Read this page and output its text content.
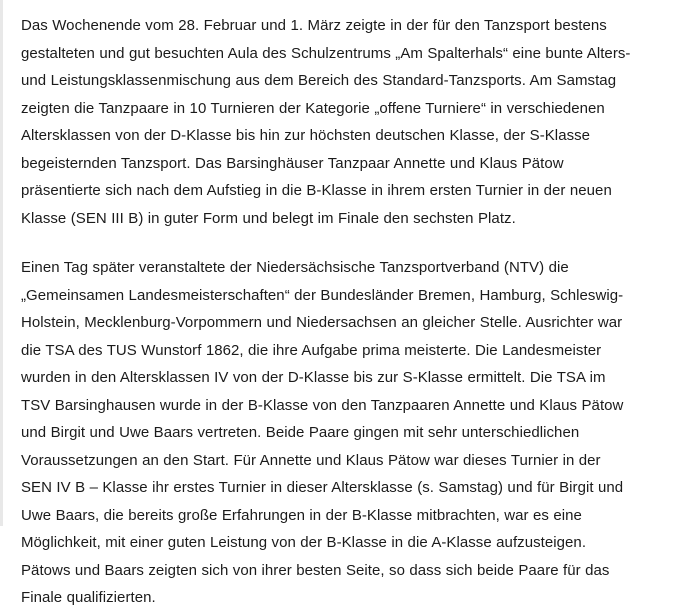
Das Wochenende vom 28. Februar und 1. März zeigte in der für den Tanzsport bestens gestalteten und gut besuchten Aula des Schulzentrums „Am Spalterhals“ eine bunte Alters- und Leistungsklassenmischung aus dem Bereich des Standard-Tanzsports. Am Samstag zeigten die Tanzpaare in 10 Turnieren der Kategorie „offene Turniere“ in verschiedenen Altersklassen von der D-Klasse bis hin zur höchsten deutschen Klasse, der S-Klasse begeisternden Tanzsport. Das Barsinghäuser Tanzpaar Annette und Klaus Pätow präsentierte sich nach dem Aufstieg in die B-Klasse in ihrem ersten Turnier in der neuen Klasse (SEN III B) in guter Form und belegt im Finale den sechsten Platz.

Einen Tag später veranstaltete der Niedersächsische Tanzsportverband (NTV) die „Gemeinsamen Landesmeisterschaften“ der Bundesländer Bremen, Hamburg, Schleswig-Holstein, Mecklenburg-Vorpommern und Niedersachsen an gleicher Stelle. Ausrichter war die TSA des TUS Wunstorf 1862, die ihre Aufgabe prima meisterte. Die Landesmeister wurden in den Altersklassen IV von der D-Klasse bis zur S-Klasse ermittelt. Die TSA im TSV Barsinghausen wurde in der B-Klasse von den Tanzpaaren Annette und Klaus Pätow und Birgit und Uwe Baars vertreten. Beide Paare gingen mit sehr unterschiedlichen Voraussetzungen an den Start. Für Annette und Klaus Pätow war dieses Turnier in der SEN IV B – Klasse ihr erstes Turnier in dieser Altersklasse (s. Samstag) und für Birgit und Uwe Baars, die bereits große Erfahrungen in der B-Klasse mitbrachten, war es eine Möglichkeit, mit einer guten Leistung von der B-Klasse in die A-Klasse aufzusteigen. Pätows und Baars zeigten sich von ihrer besten Seite, so dass sich beide Paare für das Finale qualifizierten.
